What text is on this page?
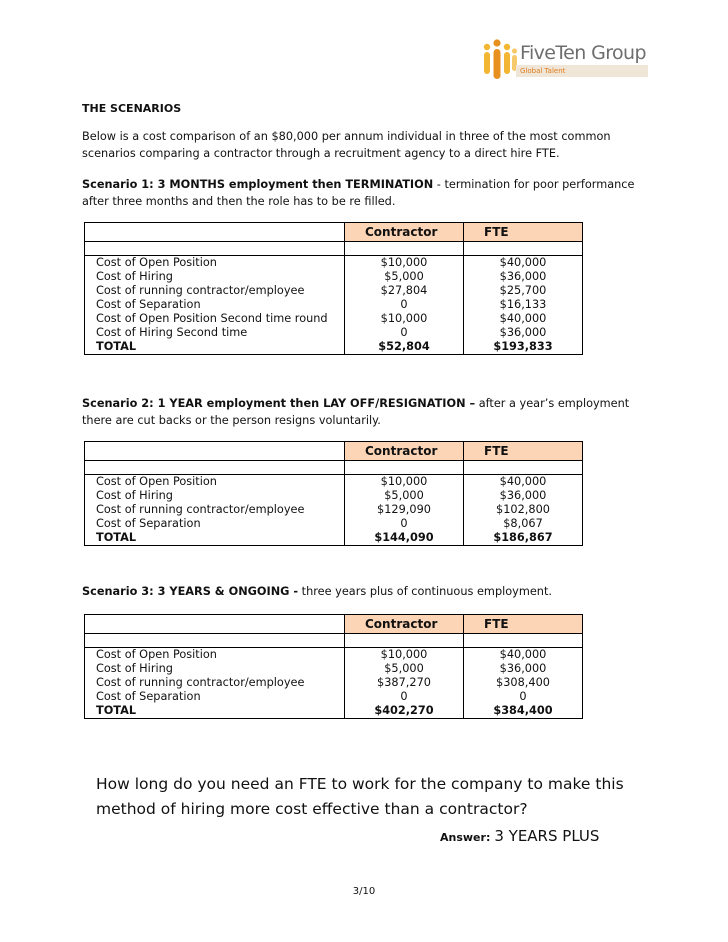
FiveTen Group
Global Talent
THE SCENARIOS
Below is a cost comparison of an $80,000 per annum individual in three of the most common scenarios comparing a contractor through a recruitment agency to a direct hire FTE.
Scenario 1: 3 MONTHS employment then TERMINATION - termination for poor performance after three months and then the role has to be re filled.
	Contractor	FTE

Cost of Open Position	$10,000	$40,000
Cost of Hiring	$5,000	$36,000
Cost of running contractor/employee	$27,804	$25,700
Cost of Separation	0	$16,133
Cost of Open Position Second time round	$10,000	$40,000
Cost of Hiring Second time	0	$36,000
TOTAL	$52,804	$193,833
Scenario 2: 1 YEAR employment then LAY OFF/RESIGNATION – after a year’s employment there are cut backs or the person resigns voluntarily.
	Contractor	FTE

Cost of Open Position	$10,000	$40,000
Cost of Hiring	$5,000	$36,000
Cost of running contractor/employee	$129,090	$102,800
Cost of Separation	0	$8,067
TOTAL	$144,090	$186,867
Scenario 3: 3 YEARS & ONGOING - three years plus of continuous employment.
	Contractor	FTE

Cost of Open Position	$10,000	$40,000
Cost of Hiring	$5,000	$36,000
Cost of running contractor/employee	$387,270	$308,400
Cost of Separation	0	0
TOTAL	$402,270	$384,400
How long do you need an FTE to work for the company to make this method of hiring more cost effective than a contractor?
Answer: 3 YEARS PLUS
3/10
